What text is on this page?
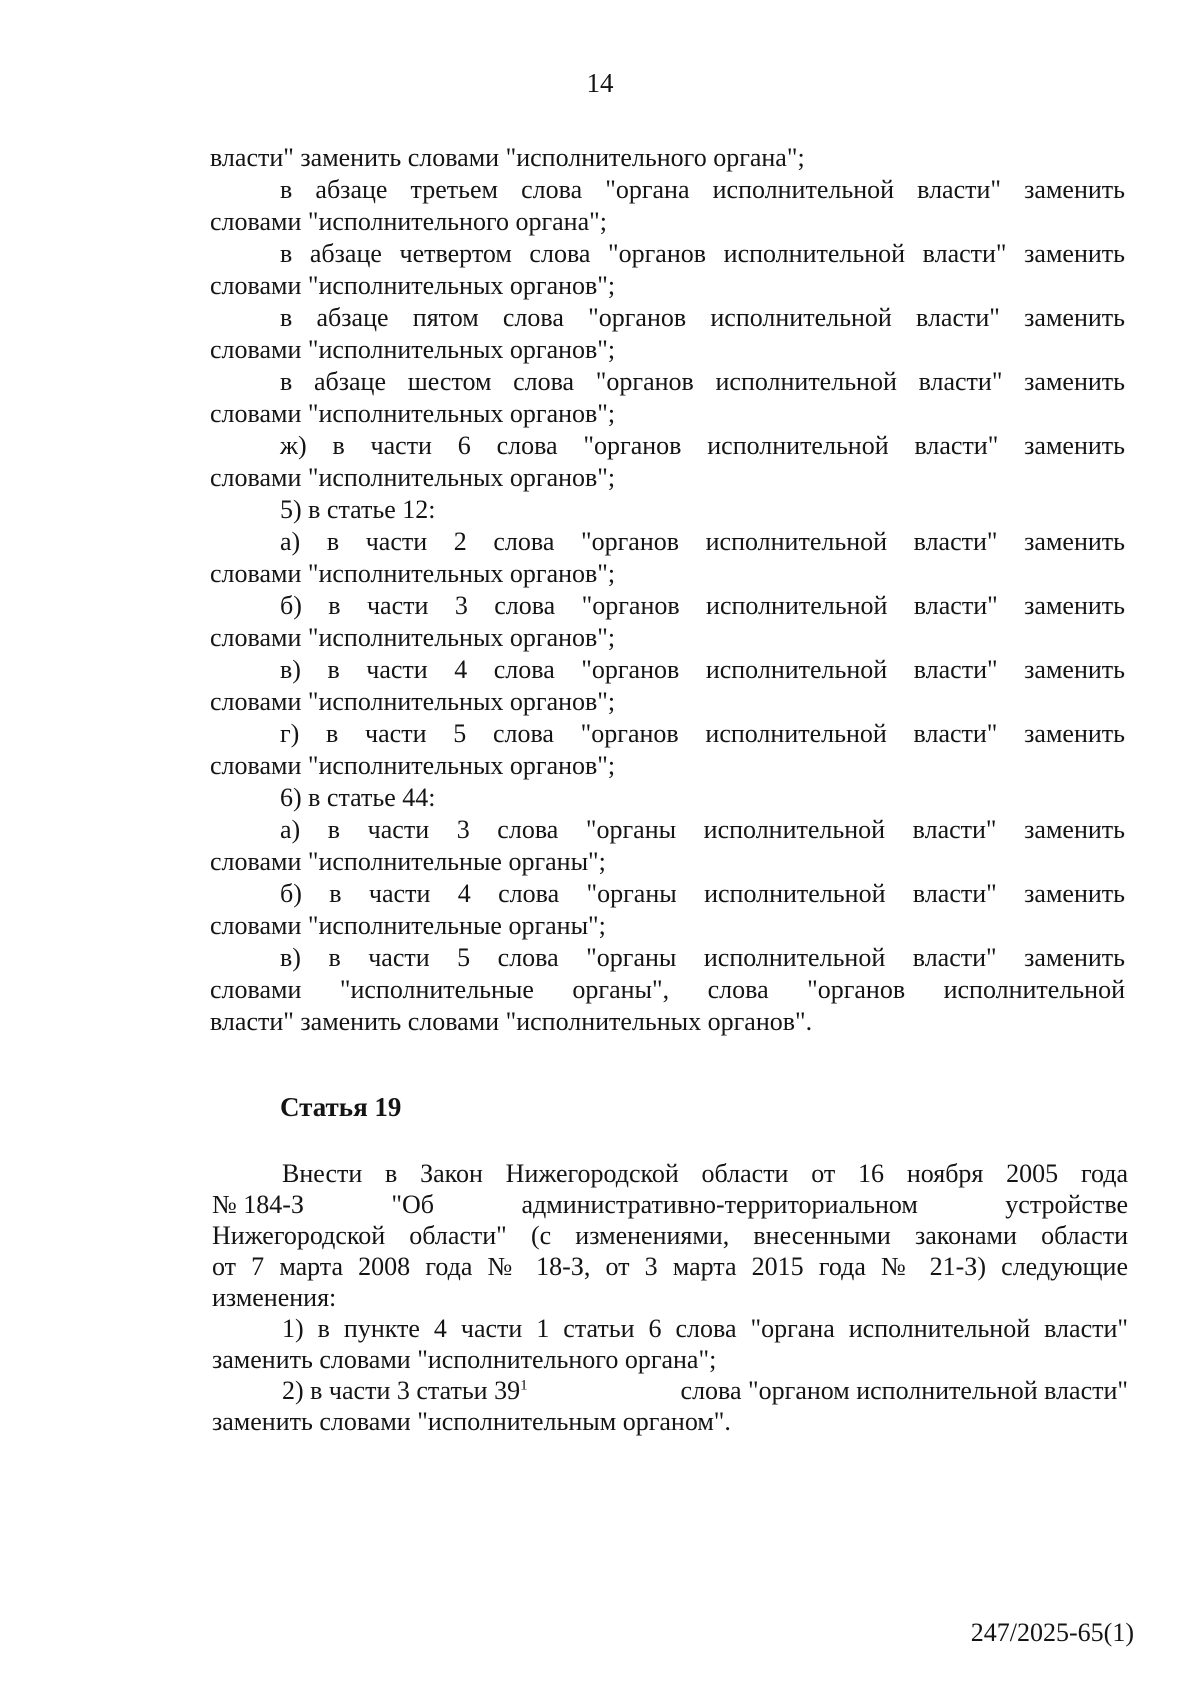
14
власти" заменить словами "исполнительного органа";
в абзаце третьем слова "органа исполнительной власти" заменить
словами "исполнительного органа";
в абзаце четвертом слова "органов исполнительной власти" заменить
словами "исполнительных органов";
в абзаце пятом слова "органов исполнительной власти" заменить
словами "исполнительных органов";
в абзаце шестом слова "органов исполнительной власти" заменить
словами "исполнительных органов";
ж) в части 6 слова "органов исполнительной власти" заменить
словами "исполнительных органов";
5) в статье 12:
а) в части 2 слова "органов исполнительной власти" заменить
словами "исполнительных органов";
б) в части 3 слова "органов исполнительной власти" заменить
словами "исполнительных органов";
в) в части 4 слова "органов исполнительной власти" заменить
словами "исполнительных органов";
г) в части 5 слова "органов исполнительной власти" заменить
словами "исполнительных органов";
6) в статье 44:
а) в части 3 слова "органы исполнительной власти" заменить
словами "исполнительные органы";
б) в части 4 слова "органы исполнительной власти" заменить
словами "исполнительные органы";
в) в части 5 слова "органы исполнительной власти" заменить
словами "исполнительные органы", слова "органов исполнительной
власти" заменить словами "исполнительных органов".
Статья 19
Внести в Закон Нижегородской области от 16 ноября 2005 года
№ 184-З	"Об	административно-территориальном	устройстве
Нижегородской области" (с изменениями, внесенными законами области
от 7 марта 2008 года № 18-З, от 3 марта 2015 года № 21-З) следующие
изменения:
1) в пункте 4 части 1 статьи 6 слова "органа исполнительной власти"
заменить словами "исполнительного органа";
2) в части 3 статьи $39^1$	слова "органом исполнительной власти"
заменить словами "исполнительным органом".
247/2025-65(1)
